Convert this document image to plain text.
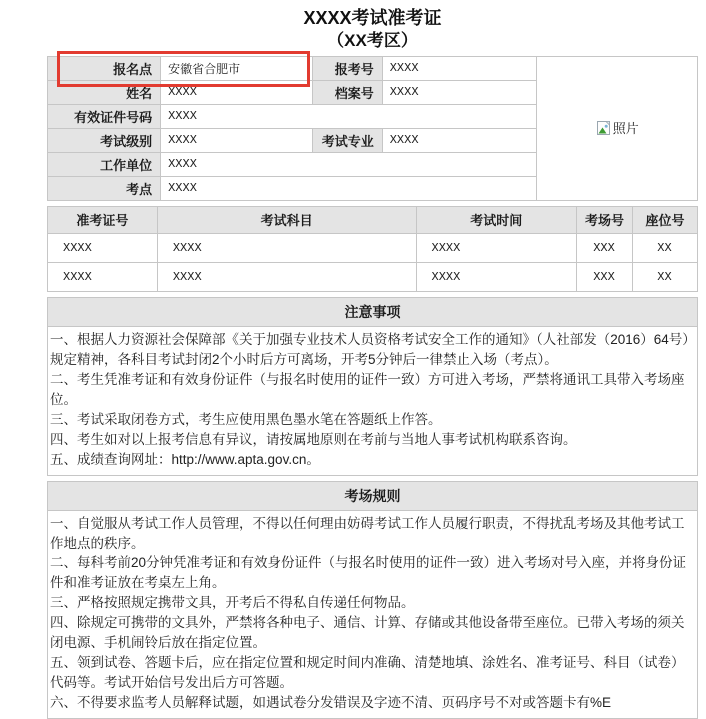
XXXX考试准考证
（XX考区）
报名点	安徽省合肥市	报考号	XXXX	照片

姓名	XXXX	档案号	XXXX	
有效证件号码	XXXX			
考试级别	XXXX	考试专业	XXXX	
工作单位	XXXX			
考点	XXXX			
准考证号	考试科目	考试时间	考场号	座位号
XXXX	XXXX	XXXX	XXX	XX
XXXX	XXXX	XXXX	XXX	XX
注意事项

一、根据人力资源社会保障部《关于加强专业技术人员资格考试安全工作的通知》（人社部发（2016）64号）规定精神，各科目考试封闭2个小时后方可离场，开考5分钟后一律禁止入场（考点）。

二、考生凭准考证和有效身份证件（与报名时使用的证件一致）方可进入考场，严禁将通讯工具带入考场座位。

三、考试采取闭卷方式，考生应使用黑色墨水笔在答题纸上作答。

四、考生如对以上报考信息有异议，请按属地原则在考前与当地人事考试机构联系咨询。

五、成绩查询网址：http://www.apta.gov.cn。

考场规则

一、自觉服从考试工作人员管理，不得以任何理由妨碍考试工作人员履行职责，不得扰乱考场及其他考试工作地点的秩序。

二、每科考前20分钟凭准考证和有效身份证件（与报名时使用的证件一致）进入考场对号入座，并将身份证件和准考证放在考桌左上角。

三、严格按照规定携带文具，开考后不得私自传递任何物品。

四、除规定可携带的文具外，严禁将各种电子、通信、计算、存储或其他设备带至座位。已带入考场的须关闭电源、手机闹铃后放在指定位置。

五、领到试卷、答题卡后，应在指定位置和规定时间内准确、清楚地填、涂姓名、准考证号、科目（试卷）代码等。考试开始信号发出后方可答题。

六、不得要求监考人员解释试题，如遇试卷分发错误及字迹不清、页码序号不对或答题卡有%E
